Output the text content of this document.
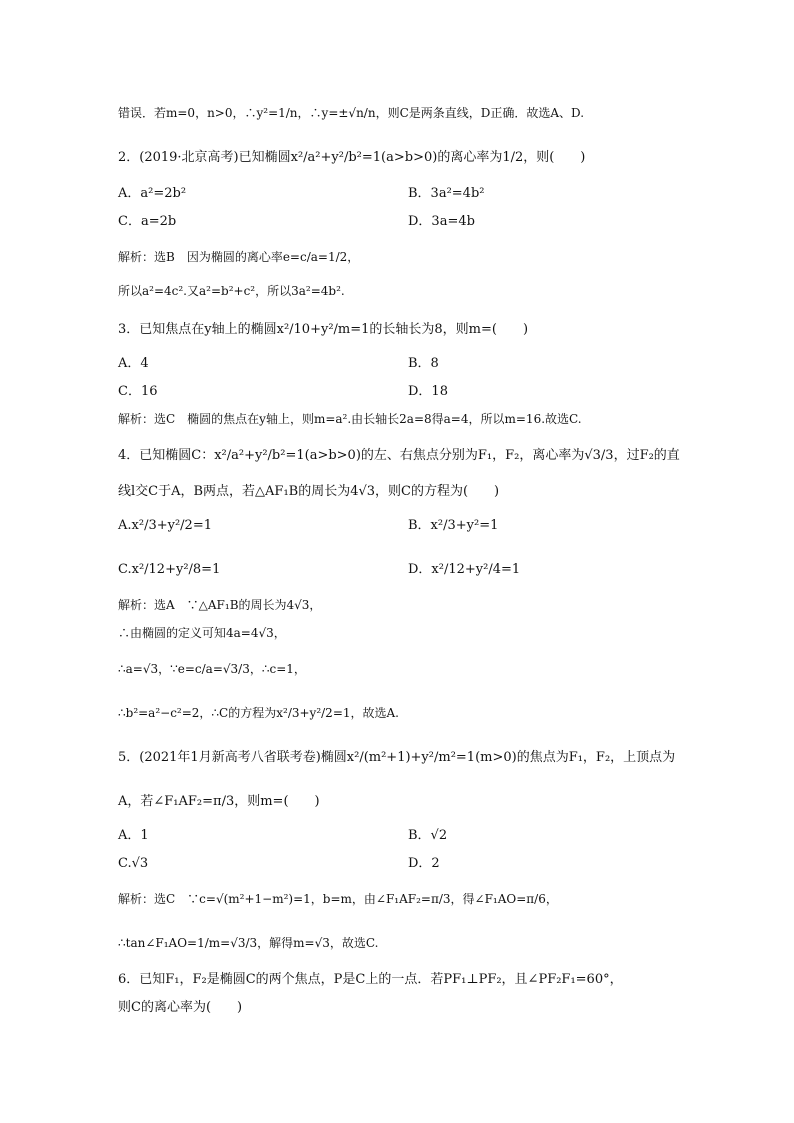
错误．若m=0，n>0，∴y²=1/n，∴y=±√n/n，则C是两条直线，D正确．故选A、D.
2．(2019·北京高考)已知椭圆x²/a²+y²/b²=1(a>b>0)的离心率为1/2，则(　　)
A．a²=2b²	B．3a²=4b²
C．a=2b	D．3a=4b
解析：选B　因为椭圆的离心率e=c/a=1/2，
所以a²=4c².又a²=b²+c²，所以3a²=4b².
3．已知焦点在y轴上的椭圆x²/10+y²/m=1的长轴长为8，则m=(　　)
A．4	B．8
C．16	D．18
解析：选C　椭圆的焦点在y轴上，则m=a².由长轴长2a=8得a=4，所以m=16.故选C.
4．已知椭圆C：x²/a²+y²/b²=1(a>b>0)的左、右焦点分别为F₁，F₂，离心率为√3/3，过F₂的直
线l交C于A，B两点，若△AF₁B的周长为4√3，则C的方程为(　　)
A.x²/3+y²/2=1	B．x²/3+y²=1
C.x²/12+y²/8=1	D．x²/12+y²/4=1
解析：选A　∵△AF₁B的周长为4√3，
∴由椭圆的定义可知4a=4√3，
∴a=√3，∵e=c/a=√3/3，∴c=1，
∴b²=a²−c²=2，∴C的方程为x²/3+y²/2=1，故选A.
5．(2021年1月新高考八省联考卷)椭圆x²/(m²+1)+y²/m²=1(m>0)的焦点为F₁，F₂，上顶点为
A，若∠F₁AF₂=π/3，则m=(　　)
A．1	B．√2
C.√3	D．2
解析：选C　∵c=√(m²+1−m²)=1，b=m，由∠F₁AF₂=π/3，得∠F₁AO=π/6，
∴tan∠F₁AO=1/m=√3/3，解得m=√3，故选C.
6．已知F₁，F₂是椭圆C的两个焦点，P是C上的一点．若PF₁⊥PF₂，且∠PF₂F₁=60°，
则C的离心率为(　　)
